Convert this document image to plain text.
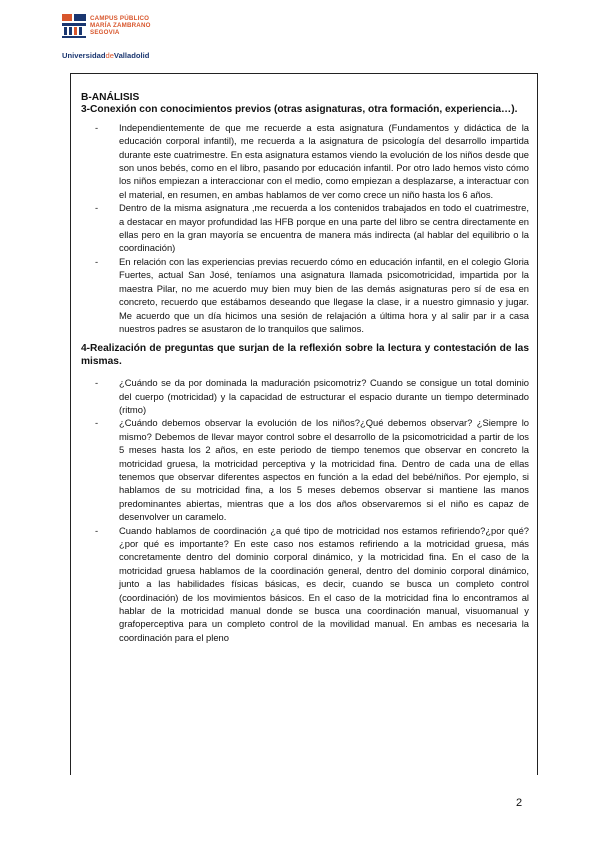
CAMPUS PÚBLICO
MARÍA ZAMBRANO
SEGOVIA
UniversidaddeValladolid

B-ANÁLISIS

3-Conexión con conocimientos previos (otras asignaturas, otra formación, experiencia…).

- Independientemente de que me recuerde a esta asignatura (Fundamentos y didáctica de la educación corporal infantil), me recuerda a la asignatura de psicología del desarrollo impartida durante este cuatrimestre. En esta asignatura estamos viendo la evolución de los niños desde que son unos bebés, como en el libro, pasando por educación infantil. Por otro lado hemos visto cómo los niños empiezan a interaccionar con el medio, como empiezan a desplazarse, a interactuar con el material, en resumen, en ambas hablamos de ver como crece un niño hasta los 6 años.
- Dentro de la misma asignatura ,me recuerda a los contenidos trabajados en todo el cuatrimestre, a destacar en mayor profundidad las HFB porque en una parte del libro se centra directamente en ellas pero en la gran mayoría se encuentra de manera más indirecta (al hablar del equilibrio o la coordinación)
- En relación con las experiencias previas recuerdo cómo en educación infantil, en el colegio Gloria Fuertes, actual San José, teníamos una asignatura llamada psicomotricidad, impartida por la maestra Pilar, no me acuerdo muy bien muy bien de las demás asignaturas pero sí de esa en concreto, recuerdo que estábamos deseando que llegase la clase, ir a nuestro gimnasio y jugar. Me acuerdo que un día hicimos una sesión de relajación a última hora y al salir par ir a casa nuestros padres se asustaron de lo tranquilos que salimos.

4-Realización de preguntas que surjan de la reflexión sobre la lectura y contestación de las mismas.

- ¿Cuándo se da por dominada la maduración psicomotriz? Cuando se consigue un total dominio del cuerpo (motricidad) y la capacidad de estructurar el espacio durante un tiempo determinado (ritmo)
- ¿Cuándo debemos observar la evolución de los niños?¿Qué debemos observar? ¿Siempre lo mismo? Debemos de llevar mayor control sobre el desarrollo de la psicomotricidad a partir de los 5 meses hasta los 2 años, en este periodo de tiempo tenemos que observar en concreto la motricidad gruesa, la motricidad perceptiva y la motricidad fina. Dentro de cada una de ellas tenemos que observar diferentes aspectos en función a la edad del bebé/niños. Por ejemplo, si hablamos de su motricidad fina, a los 5 meses debemos observar si mantiene las manos predominantes abiertas, mientras que a los dos años observaremos si el niño es capaz de desenvolver un caramelo.
- Cuando hablamos de coordinación ¿a qué tipo de motricidad nos estamos refiriendo?¿por qué? ¿por qué es importante? En este caso nos estamos refiriendo a la motricidad gruesa, más concretamente dentro del dominio corporal dinámico, y la motricidad fina. En el caso de la motricidad gruesa hablamos de la coordinación general, dentro del dominio corporal dinámico, junto a las habilidades físicas básicas, es decir, cuando se busca un completo control (coordinación) de los movimientos básicos. En el caso de la motricidad fina lo encontramos al hablar de la motricidad manual donde se busca una coordinación manual, visuomanual y grafoperceptiva para un completo control de la movilidad manual. En ambas es necesaria la coordinación para el pleno
2
